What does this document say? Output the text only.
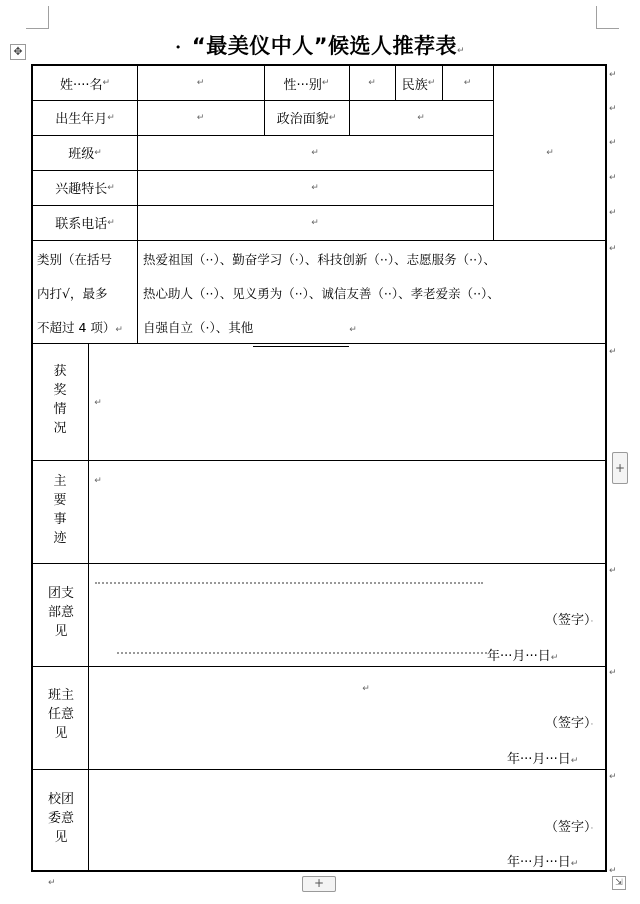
✥	• “最美仪中人”候选人推荐表↵
姓····名 ↵	↵	性···别 ↵	↵ 民族 ↵	↵
↵
出生年月 ↵	↵	政治面貌 ↵	↵
班级 ↵	↵
兴趣特长 ↵	↵
联系电话 ↵	↵
类别（在括号
内打√，最多
不超过 4 项）↵
热爱祖国（··）、勤奋学习（·）、科技创新（··）、志愿服务（··）、
热心助人（··）、见义勇为（··）、诚信友善（··）、孝老爱亲（··）、
自强自立（·）、其他	↵
获
奖
情
况
↵
主
要
事
迹
↵
团支
部意
见
（签字）·
年···月···日↵
班主
任意
见
↵
（签字）·
年···月···日↵
校团
委意
见
（签字）·
年···月···日↵
↵
↵
↵
↵
↵
↵
↵
↵
↵
↵
↵
+
+	⇲
↵
